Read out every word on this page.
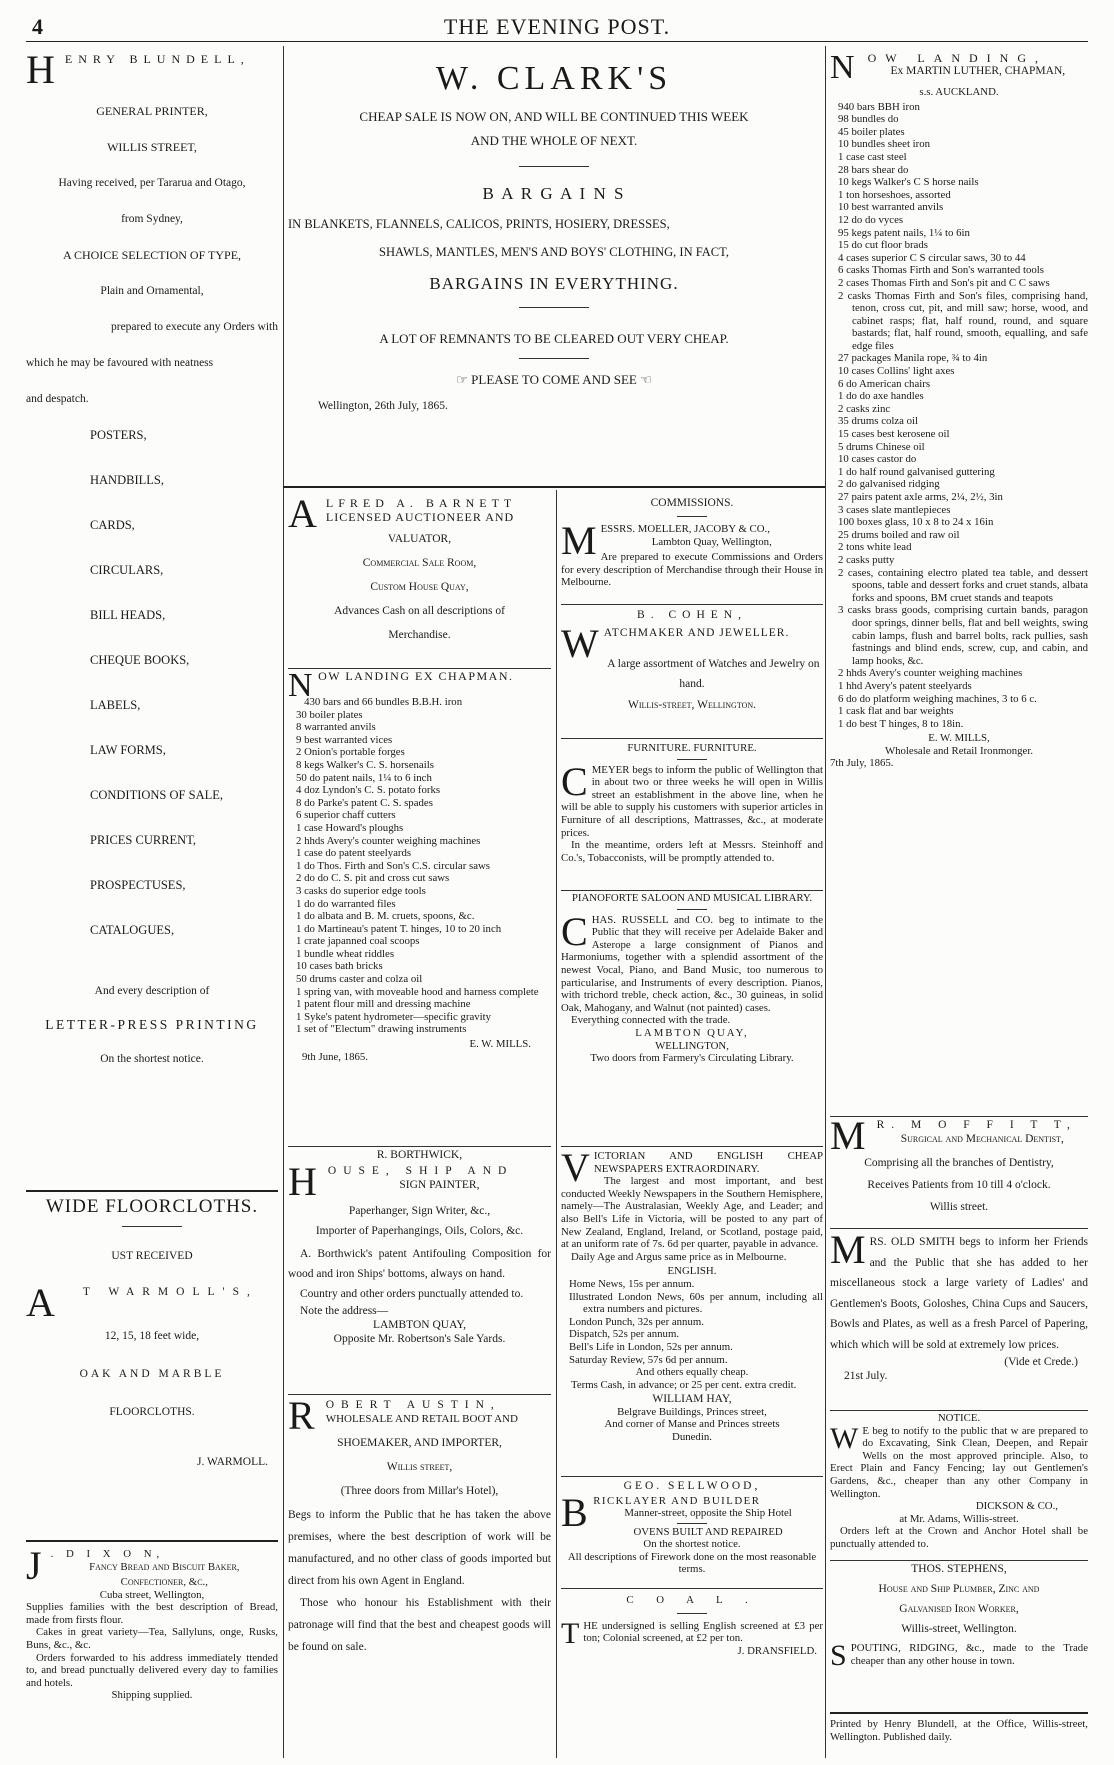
4	THE EVENING POST.
HENRY BLUNDELL,
GENERAL PRINTER,
WILLIS STREET,
Having received, per Tararua and Otago,
from Sydney,
A CHOICE SELECTION OF TYPE,
Plain and Ornamental,
prepared to execute any Orders with
which he may be favoured with neatness
and despatch.
POSTERS,
HANDBILLS,
CARDS,
CIRCULARS,
BILL HEADS,
CHEQUE BOOKS,
LABELS,
LAW FORMS,
CONDITIONS OF SALE,
PRICES CURRENT,
PROSPECTUSES,
CATALOGUES,
And every description of
LETTER-PRESS PRINTING
On the shortest notice.
WIDE FLOORCLOTHS.
UST RECEIVED
A T WARMOLL'S,
12, 15, 18 feet wide,
OAK AND MARBLE
FLOORCLOTHS.
J. WARMOLL.
J . D I X O N,
Fancy Bread and Biscuit Baker,
Confectioner, &c.,
Cuba street, Wellington,
Supplies families with the best description of Bread, made from firsts flour.
Cakes in great variety—Tea, Sallyluns, onge, Rusks, Buns, &c., &c.
Orders forwarded to his address immediately ttended to, and bread punctually delivered every day to families and hotels.
Shipping supplied.
W. CLARK'S
CHEAP SALE IS NOW ON, AND WILL BE CONTINUED THIS WEEK
AND THE WHOLE OF NEXT.
B A R G A I N S
IN BLANKETS, FLANNELS, CALICOS, PRINTS, HOSIERY, DRESSES,
SHAWLS, MANTLES, MEN'S AND BOYS' CLOTHING, IN FACT,
BARGAINS IN EVERYTHING.
A LOT OF REMNANTS TO BE CLEARED OUT VERY CHEAP.
☞ PLEASE TO COME AND SEE ☜
Wellington, 26th July, 1865.
ALFRED A. BARNETT
LICENSED AUCTIONEER AND
VALUATOR,
Commercial Sale Room,
Custom House Quay,
Advances Cash on all descriptions of
Merchandise.
NOW LANDING EX CHAPMAN.
430 bars and 66 bundles B.B.H. iron
30 boiler plates
8 warranted anvils
9 best warranted vices
2 Onion's portable forges
8 kegs Walker's C. S. horsenails
50 do patent nails, 1¼ to 6 inch
4 doz Lyndon's C. S. potato forks
8 do Parke's patent C. S. spades
6 superior chaff cutters
1 case Howard's ploughs
2 hhds Avery's counter weighing machines
1 case do patent steelyards
1 do Thos. Firth and Son's C.S. circular saws
2 do do C. S. pit and cross cut saws
3 casks do superior edge tools
1 do do warranted files
1 do albata and B. M. cruets, spoons, &c.
1 do Martineau's patent T. hinges, 10 to 20 inch
1 crate japanned coal scoops
1 bundle wheat riddles
10 cases bath bricks
50 drums caster and colza oil
1 spring van, with moveable hood and harness complete
1 patent flour mill and dressing machine
1 Syke's patent hydrometer—specific gravity
1 set of "Electum" drawing instruments
E. W. MILLS.
9th June, 1865.
R. BORTHWICK,
HOUSE, SHIP AND
SIGN PAINTER,
Paperhanger, Sign Writer, &c.,
Importer of Paperhangings, Oils, Colors, &c.
A. Borthwick's patent Antifouling Composition for wood and iron Ships' bottoms, always on hand.
Country and other orders punctually attended to.
Note the address—
LAMBTON QUAY,
Opposite Mr. Robertson's Sale Yards.
ROBERT AUSTIN,
WHOLESALE AND RETAIL BOOT AND
SHOEMAKER, AND IMPORTER,
Willis street,
(Three doors from Millar's Hotel),
Begs to inform the Public that he has taken the above premises, where the best description of work will be manufactured, and no other class of goods imported but direct from his own Agent in England.
Those who honour his Establishment with their patronage will find that the best and cheapest goods will be found on sale.
COMMISSIONS.
MESSRS. MOELLER, JACOBY & CO.,
Lambton Quay, Wellington,
Are prepared to execute Commissions and Orders for every description of Merchandise through their House in Melbourne.
B. COHEN,
WATCHMAKER AND JEWELLER.
A large assortment of Watches and Jewelry on hand.
Willis-street, Wellington.
FURNITURE. FURNITURE.
CMEYER begs to inform the public of Wellington that in about two or three weeks he will open in Willis street an establishment in the above line, when he will be able to supply his customers with superior articles in Furniture of all descriptions, Mattrasses, &c., at moderate prices.
In the meantime, orders left at Messrs. Steinhoff and Co.'s, Tobacconists, will be promptly attended to.
PIANOFORTE SALOON AND MUSICAL LIBRARY.
CHAS. RUSSELL and CO. beg to intimate to the Public that they will receive per Adelaide Baker and Asterope a large consignment of Pianos and Harmoniums, together with a splendid assortment of the newest Vocal, Piano, and Band Music, too numerous to particularise, and Instruments of every description. Pianos, with trichord treble, check action, &c., 30 guineas, in solid Oak, Mahogany, and Walnut (not painted) cases.
Everything connected with the trade.
LAMBTON QUAY,
WELLINGTON,
Two doors from Farmery's Circulating Library.
VICTORIAN AND ENGLISH CHEAP NEWSPAPERS EXTRAORDINARY.
The largest and most important, and best conducted Weekly Newspapers in the Southern Hemisphere, namely—The Australasian, Weekly Age, and Leader; and also Bell's Life in Victoria, will be posted to any part of New Zealand, England, Ireland, or Scotland, postage paid, at an uniform rate of 7s. 6d per quarter, payable in advance.
Daily Age and Argus same price as in Melbourne.
ENGLISH.
Home News, 15s per annum.
Illustrated London News, 60s per annum, including all extra numbers and pictures.
London Punch, 32s per annum.
Dispatch, 52s per annum.
Bell's Life in London, 52s per annum.
Saturday Review, 57s 6d per annum.
And others equally cheap.
Terms Cash, in advance; or 25 per cent. extra credit.
WILLIAM HAY,
Belgrave Buildings, Princes street,
And corner of Manse and Princes streets
Dunedin.
GEO. SELLWOOD,
BRICKLAYER AND BUILDER
Manner-street, opposite the Ship Hotel
OVENS BUILT AND REPAIRED
On the shortest notice.
All descriptions of Firework done on the most reasonable terms.
C O A L .
THE undersigned is selling English screened at £3 per ton; Colonial screened, at £2 per ton.
J. DRANSFIELD.
NOW LANDING,
Ex MARTIN LUTHER, CHAPMAN,
s.s. AUCKLAND.
940 bars BBH iron
98 bundles do
45 boiler plates
10 bundles sheet iron
1 case cast steel
28 bars shear do
10 kegs Walker's C S horse nails
1 ton horseshoes, assorted
10 best warranted anvils
12 do do vyces
95 kegs patent nails, 1¼ to 6in
15 do cut floor brads
4 cases superior C S circular saws, 30 to 44
6 casks Thomas Firth and Son's warranted tools
2 cases Thomas Firth and Son's pit and C C saws
2 casks Thomas Firth and Son's files, comprising hand, tenon, cross cut, pit, and mill saw; horse, wood, and cabinet rasps; flat, half round, round, and square bastards; flat, half round, smooth, equalling, and safe edge files
27 packages Manila rope, ¾ to 4in
10 cases Collins' light axes
6 do American chairs
1 do do axe handles
2 casks zinc
35 drums colza oil
15 cases best kerosene oil
5 drums Chinese oil
10 cases castor do
1 do half round galvanised guttering
2 do galvanised ridging
27 pairs patent axle arms, 2¼, 2½, 3in
3 cases slate mantlepieces
100 boxes glass, 10 x 8 to 24 x 16in
25 drums boiled and raw oil
2 tons white lead
2 casks putty
2 cases, containing electro plated tea table, and dessert spoons, table and dessert forks and cruet stands, albata forks and spoons, BM cruet stands and teapots
3 casks brass goods, comprising curtain bands, paragon door springs, dinner bells, flat and bell weights, swing cabin lamps, flush and barrel bolts, rack pullies, sash fastnings and blind ends, screw, cup, and cabin, and lamp hooks, &c.
2 hhds Avery's counter weighing machines
1 hhd Avery's patent steelyards
6 do do platform weighing machines, 3 to 6 c.
1 cask flat and bar weights
1 do best T hinges, 8 to 18in.
E. W. MILLS,
Wholesale and Retail Ironmonger.
7th July, 1865.
M R. M O F F I T T,
Surgical and Mechanical Dentist,
Comprising all the branches of Dentistry,
Receives Patients from 10 till 4 o'clock.
Willis street.
MRS. OLD SMITH begs to inform her Friends and the Public that she has added to her miscellaneous stock a large variety of Ladies' and Gentlemen's Boots, Goloshes, China Cups and Saucers, Bowls and Plates, as well as a fresh Parcel of Papering, which which will be sold at extremely low prices.
(Vide et Crede.)
21st July.
NOTICE.
W E beg to notify to the public that w are prepared to do Excavating, Sink Clean, Deepen, and Repair Wells on the most approved principle. Also, to Erect Plain and Fancy Fencing; lay out Gentlemen's Gardens, &c., cheaper than any other Company in Wellington.
DICKSON & CO.,
at Mr. Adams, Willis-street.
Orders left at the Crown and Anchor Hotel shall be punctually attended to.
THOS. STEPHENS,
House and Ship Plumber, Zinc and
Galvanised Iron Worker,
Willis-street, Wellington.
SPOUTING, RIDGING, &c., made to the Trade cheaper than any other house in town.
Printed by Henry Blundell, at the Office, Willis-street, Wellington. Published daily.
